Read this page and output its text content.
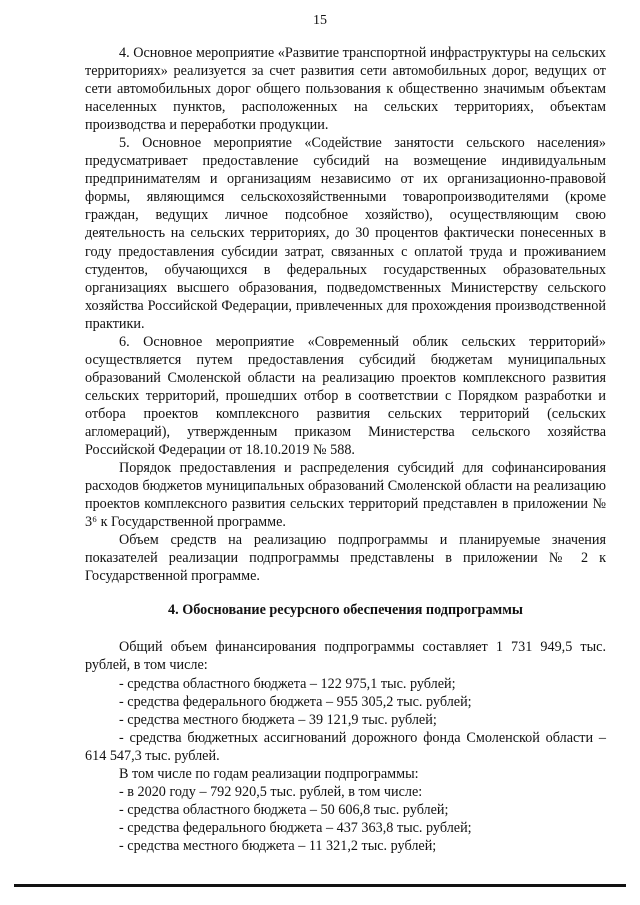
15

4. Основное мероприятие «Развитие транспортной инфраструктуры на сельских территориях» реализуется за счет развития сети автомобильных дорог, ведущих от сети автомобильных дорог общего пользования к общественно значимым объектам населенных пунктов, расположенных на сельских территориях, объектам производства и переработки продукции.

5. Основное мероприятие «Содействие занятости сельского населения» предусматривает предоставление субсидий на возмещение индивидуальным предпринимателям и организациям независимо от их организационно-правовой формы, являющимся сельскохозяйственными товаропроизводителями (кроме граждан, ведущих личное подсобное хозяйство), осуществляющим свою деятельность на сельских территориях, до 30 процентов фактически понесенных в году предоставления субсидии затрат, связанных с оплатой труда и проживанием студентов, обучающихся в федеральных государственных образовательных организациях высшего образования, подведомственных Министерству сельского хозяйства Российской Федерации, привлеченных для прохождения производственной практики.

6. Основное мероприятие «Современный облик сельских территорий» осуществляется путем предоставления субсидий бюджетам муниципальных образований Смоленской области на реализацию проектов комплексного развития сельских территорий, прошедших отбор в соответствии с Порядком разработки и отбора проектов комплексного развития сельских территорий (сельских агломераций), утвержденным приказом Министерства сельского хозяйства Российской Федерации от 18.10.2019 № 588.

Порядок предоставления и распределения субсидий для софинансирования расходов бюджетов муниципальных образований Смоленской области на реализацию проектов комплексного развития сельских территорий представлен в приложении № 3⁶ к Государственной программе.

Объем средств на реализацию подпрограммы и планируемые значения показателей реализации подпрограммы представлены в приложении № 2 к Государственной программе.

4. Обоснование ресурсного обеспечения подпрограммы

Общий объем финансирования подпрограммы составляет 1 731 949,5 тыс. рублей, в том числе:

- средства областного бюджета – 122 975,1 тыс. рублей;

- средства федерального бюджета – 955 305,2 тыс. рублей;

- средства местного бюджета – 39 121,9 тыс. рублей;

- средства бюджетных ассигнований дорожного фонда Смоленской области – 614 547,3 тыс. рублей.

В том числе по годам реализации подпрограммы:

- в 2020 году – 792 920,5 тыс. рублей, в том числе:

- средства областного бюджета – 50 606,8 тыс. рублей;

- средства федерального бюджета – 437 363,8 тыс. рублей;

- средства местного бюджета – 11 321,2 тыс. рублей;
